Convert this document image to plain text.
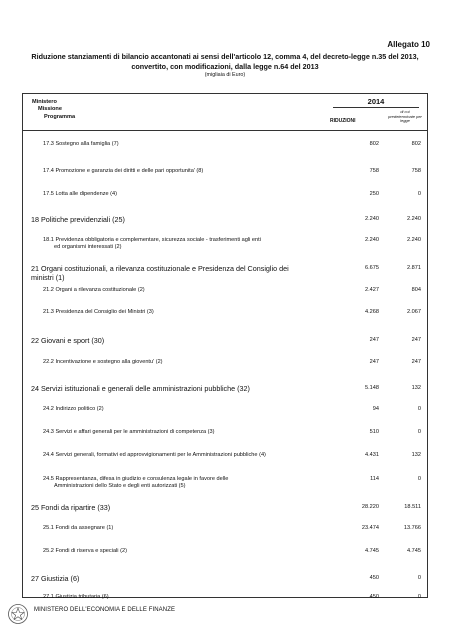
Allegato 10
Riduzione stanziamenti di bilancio accantonati ai sensi dell'articolo 12, comma 4, del decreto-legge n.35 del 2013,
convertito, con modificazioni, dalla legge n.64 del 2013
(migliaia di Euro)
Ministero
Missione
Programma
2014
RIDUZIONI
di cui predeterminate per legge
17.3 Sostegno alla famiglia (7)	802	802
17.4 Promozione e garanzia dei diritti e delle pari opportunita' (8)	758	758
17.5 Lotta alle dipendenze (4)	250	0
18 Politiche previdenziali (25)	2.240	2.240
18.1 Previdenza obbligatoria e complementare, sicurezza sociale - trasferimenti agli enti
ed organismi interessati (2)
2.240	2.240
21 Organi costituzionali, a rilevanza costituzionale e Presidenza del Consiglio dei
ministri (1)
6.675	2.871
21.2 Organi a rilevanza costituzionale (2)	2.427	804
21.3 Presidenza del Consiglio dei Ministri (3)	4.268	2.067
22 Giovani e sport (30)	247	247
22.2 Incentivazione e sostegno alla gioventu' (2)	247	247
24 Servizi istituzionali e generali delle amministrazioni pubbliche (32)	5.148	132
24.2 Indirizzo politico (2)	94	0
24.3 Servizi e affari generali per le amministrazioni di competenza (3)	510	0
24.4 Servizi generali, formativi ed approvvigionamenti per le Amministrazioni pubbliche (4)	4.431	132
24.5 Rappresentanza, difesa in giudizio e consulenza legale in favore delle
Amministrazioni dello Stato e degli enti autorizzati (5)
114	0
25 Fondi da ripartire (33)	28.220	18.511
25.1 Fondi da assegnare (1)	23.474	13.766
25.2 Fondi di riserva e speciali (2)	4.745	4.745
27 Giustizia (6)	450	0
27.1 Giustizia tributaria (6)	450	0
MINISTERO DELL'ECONOMIA E DELLE FINANZE
